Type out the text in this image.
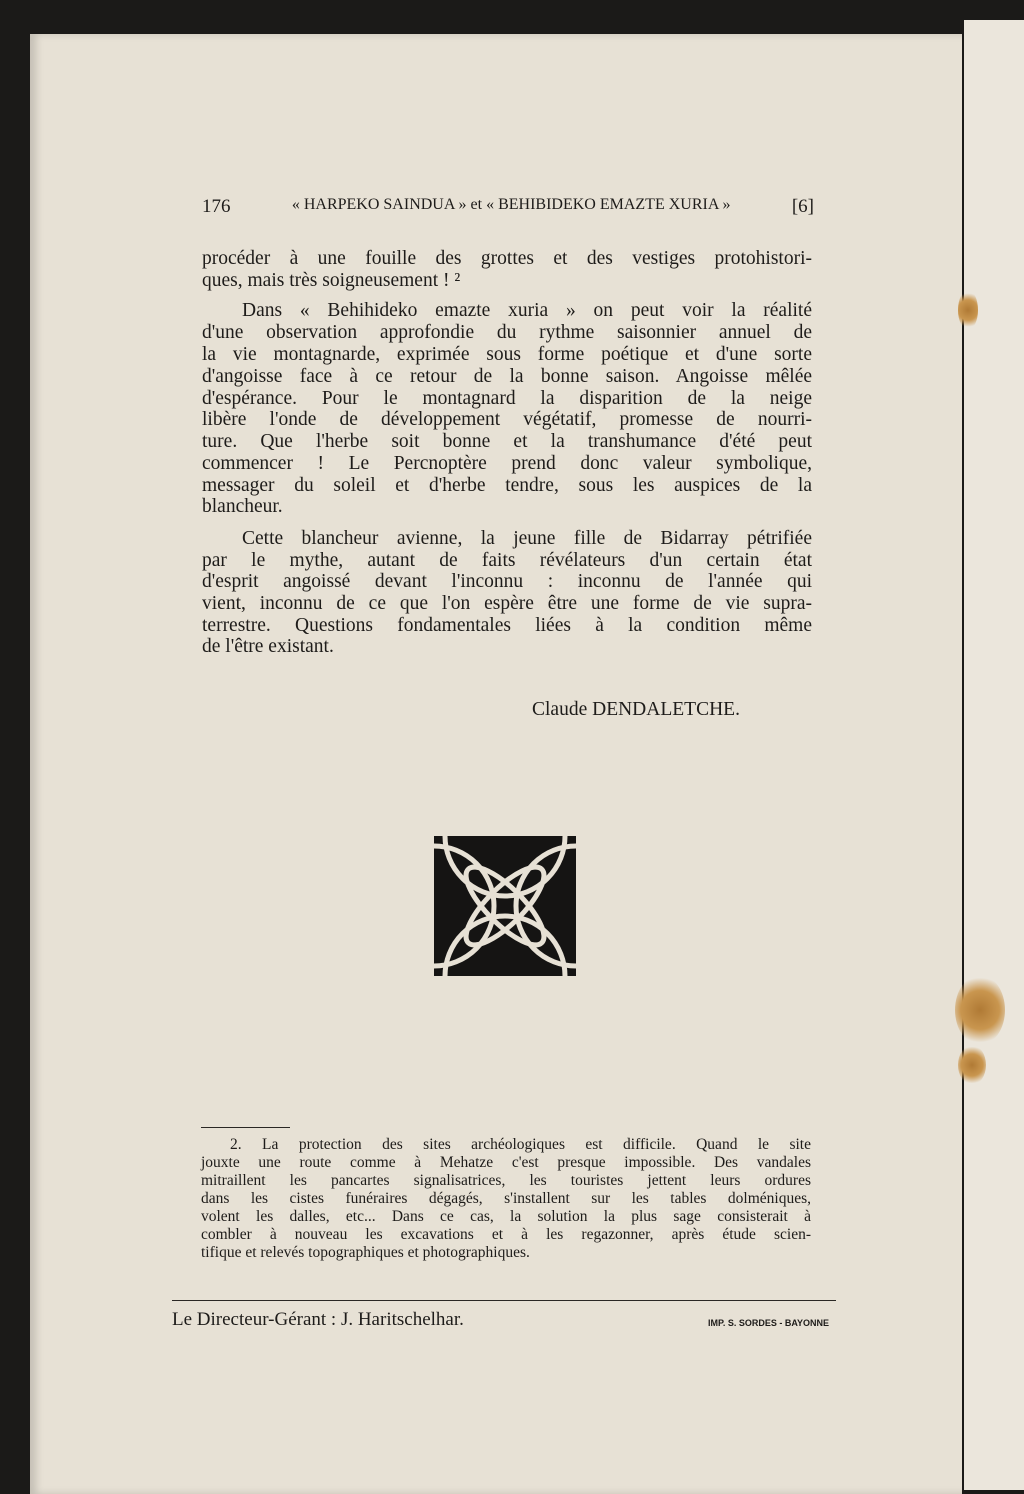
176	« HARPEKO SAINDUA » et « BEHIBIDEKO EMAZTE XURIA »	[6]
procéder à une fouille des grottes et des vestiges protohistori-
ques, mais très soigneusement ! ²
Dans « Behihideko emazte xuria » on peut voir la réalité
d'une observation approfondie du rythme saisonnier annuel de
la vie montagnarde, exprimée sous forme poétique et d'une sorte
d'angoisse face à ce retour de la bonne saison. Angoisse mêlée
d'espérance. Pour le montagnard la disparition de la neige
libère l'onde de développement végétatif, promesse de nourri-
ture. Que l'herbe soit bonne et la transhumance d'été peut
commencer ! Le Percnoptère prend donc valeur symbolique,
messager du soleil et d'herbe tendre, sous les auspices de la
blancheur.
Cette blancheur avienne, la jeune fille de Bidarray pétrifiée
par le mythe, autant de faits révélateurs d'un certain état
d'esprit angoissé devant l'inconnu : inconnu de l'année qui
vient, inconnu de ce que l'on espère être une forme de vie supra-
terrestre. Questions fondamentales liées à la condition même
de l'être existant.
Claude DENDALETCHE.
2. La protection des sites archéologiques est difficile. Quand le site
jouxte une route comme à Mehatze c'est presque impossible. Des vandales
mitraillent les pancartes signalisatrices, les touristes jettent leurs ordures
dans les cistes funéraires dégagés, s'installent sur les tables dolméniques,
volent les dalles, etc... Dans ce cas, la solution la plus sage consisterait à
combler à nouveau les excavations et à les regazonner, après étude scien-
tifique et relevés topographiques et photographiques.
Le Directeur-Gérant : J. Haritschelhar.	IMP. S. SORDES - BAYONNE
